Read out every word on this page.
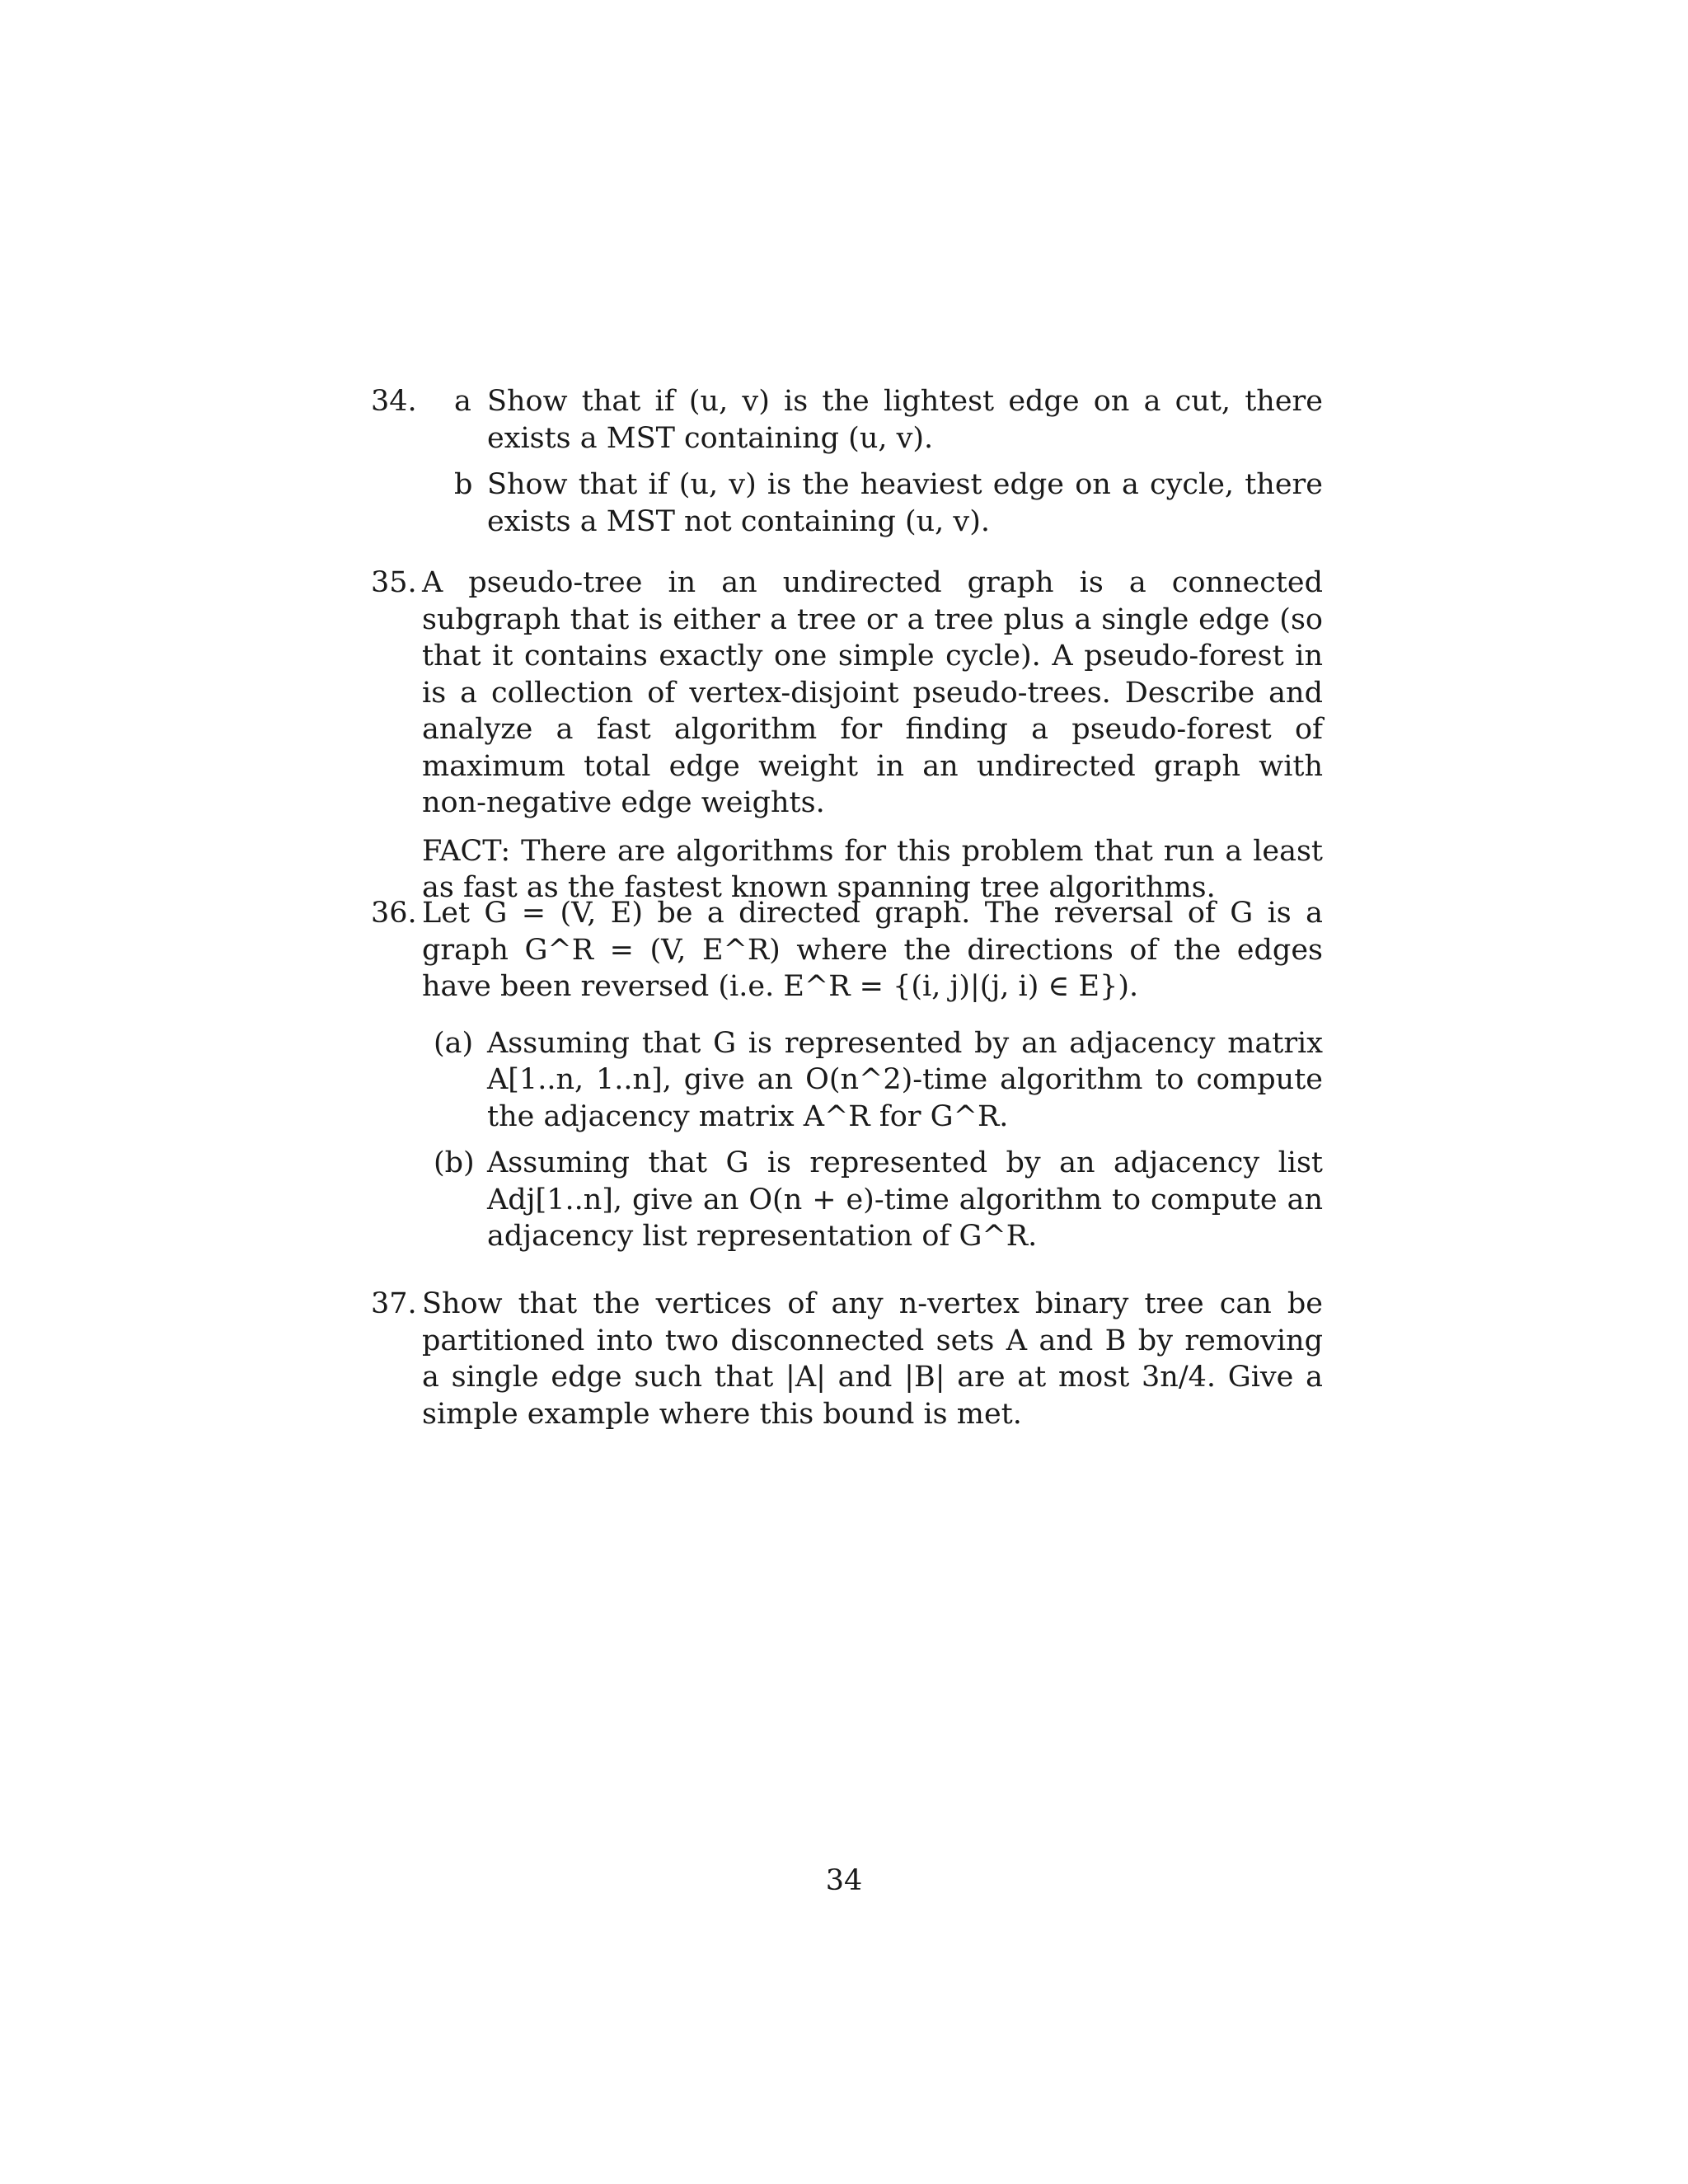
34. a Show that if (u, v) is the lightest edge on a cut, there exists a MST containing (u, v).
b Show that if (u, v) is the heaviest edge on a cycle, there exists a MST not containing (u, v).
35. A pseudo-tree in an undirected graph is a connected subgraph that is either a tree or a tree plus a single edge (so that it contains exactly one simple cycle). A pseudo-forest in is a collection of vertex-disjoint pseudo-trees. Describe and analyze a fast algorithm for finding a pseudo-forest of maximum total edge weight in an undirected graph with non-negative edge weights.

FACT: There are algorithms for this problem that run a least as fast as the fastest known spanning tree algorithms.

36. Let G = (V, E) be a directed graph. The reversal of G is a graph G^R = (V, E^R) where the directions of the edges have been reversed (i.e. E^R = {(i, j)|(j, i) ∈ E}).

(a) Assuming that G is represented by an adjacency matrix A[1..n, 1..n], give an O(n^2)-time algorithm to compute the adjacency matrix A^R for G^R.
(b) Assuming that G is represented by an adjacency list Adj[1..n], give an O(n + e)-time algorithm to compute an adjacency list representation of G^R.
37. Show that the vertices of any n-vertex binary tree can be partitioned into two disconnected sets A and B by removing a single edge such that |A| and |B| are at most 3n/4. Give a simple example where this bound is met.

34
